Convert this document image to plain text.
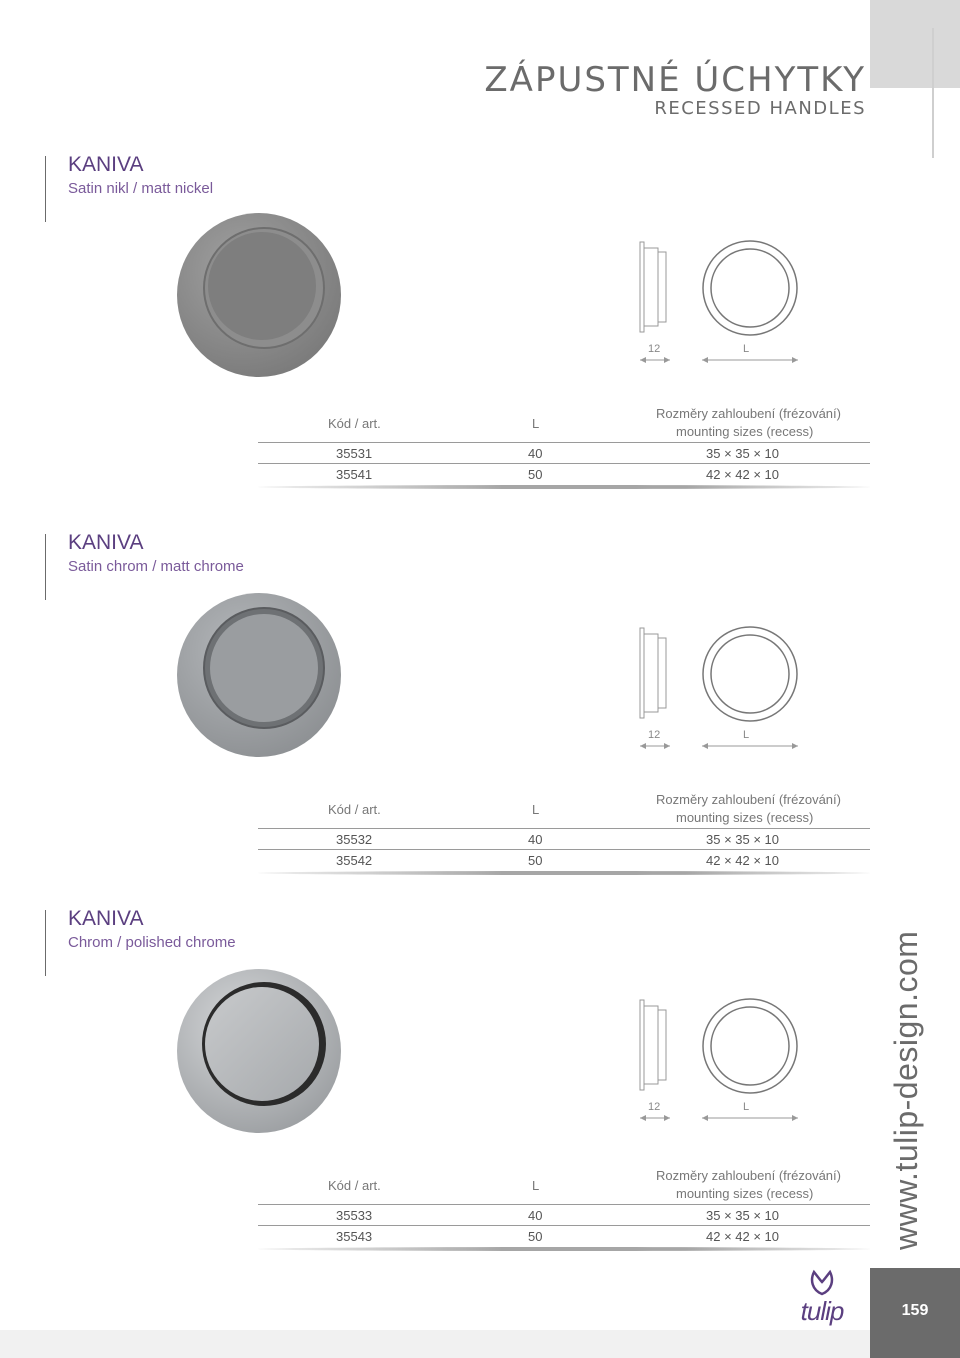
ZÁPUSTNÉ ÚCHYTKY
RECESSED HANDLES
KANIVA
Satin nikl / matt nickel
12	L
Kód / art.	L
Rozměry zahloubení (frézování)
mounting sizes (recess)
35531	40	35 × 35 × 10
35541	50	42 × 42 × 10
KANIVA
Satin chrom / matt chrome
12	L
Kód / art.	L
Rozměry zahloubení (frézování)
mounting sizes (recess)
35532	40	35 × 35 × 10
35542	50	42 × 42 × 10
KANIVA
Chrom / polished chrome
12	L
Kód / art.	L
Rozměry zahloubení (frézování)
mounting sizes (recess)
35533	40	35 × 35 × 10
35543	50	42 × 42 × 10	www.tulip-design.com
tulip	159
